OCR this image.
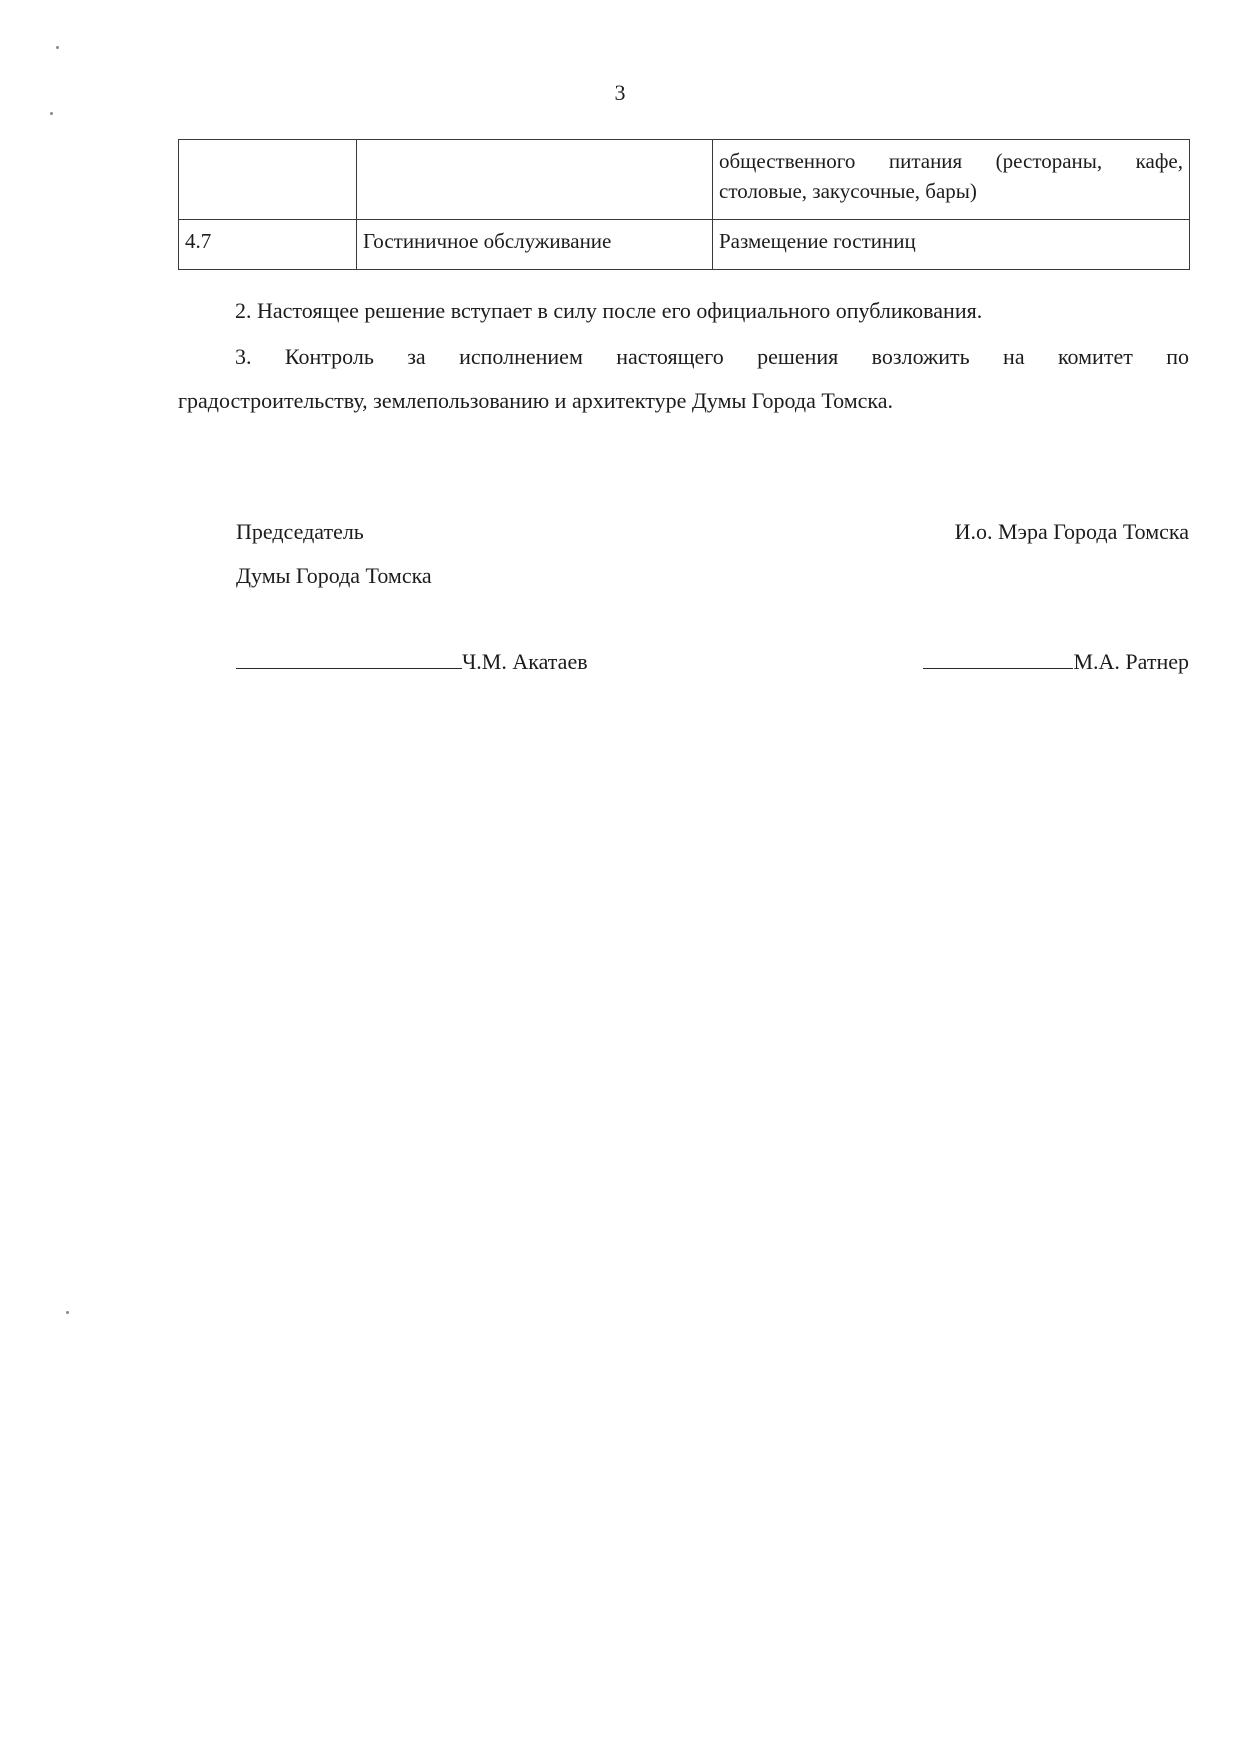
3
		общественного питания (рестораны, кафе, столовые, закусочные, бары)
4.7	Гостиничное обслуживание	Размещение гостиниц
2. Настоящее решение вступает в силу после его официального опубликования.
3. Контроль за исполнением настоящего решения возложить на комитет по
градостроительству, землепользованию и архитектуре Думы Города Томска.
Председатель
Думы Города Томска
И.о. Мэра Города Томска
Ч.М. Акатаев	М.А. Ратнер
